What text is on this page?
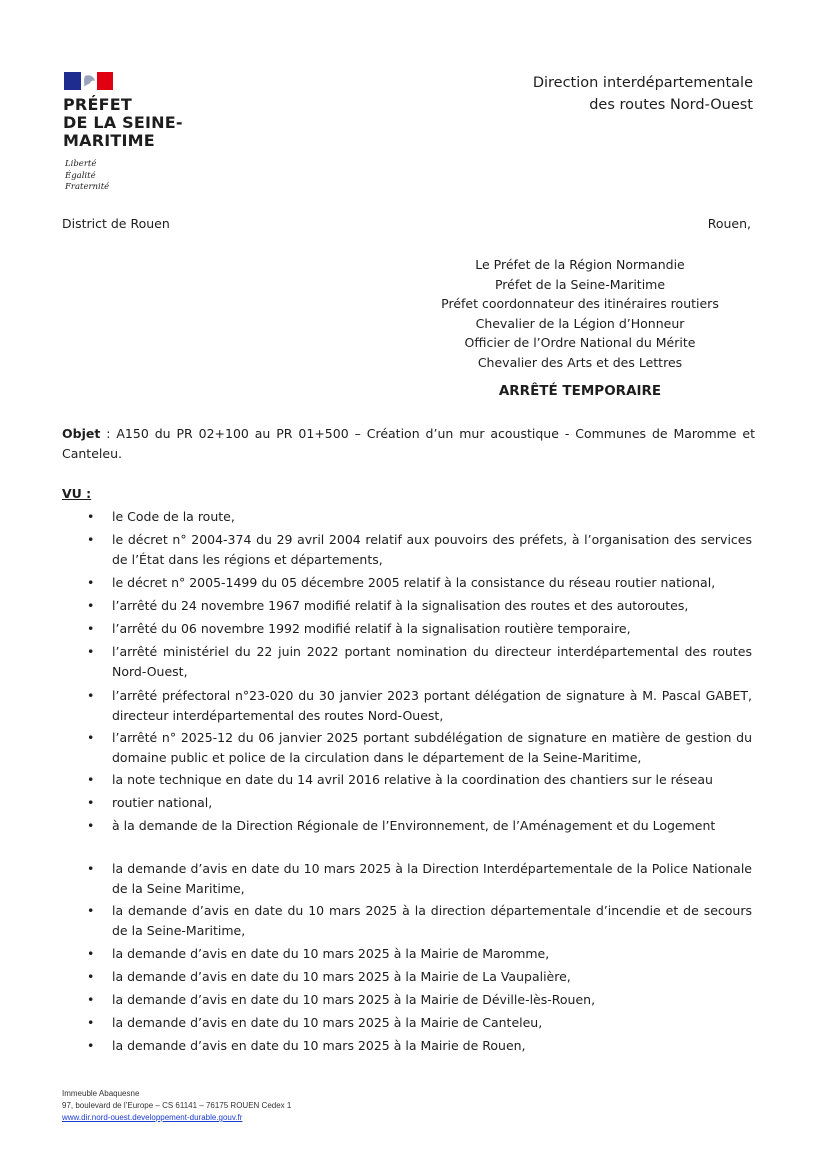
PRÉFET
DE LA SEINE-
MARITIME
Liberté
Égalité
Fraternité
Direction interdépartementale
des routes Nord-Ouest
District de Rouen	Rouen,
Le Préfet de la Région Normandie
Préfet de la Seine-Maritime
Préfet coordonnateur des itinéraires routiers
Chevalier de la Légion d’Honneur
Officier de l’Ordre National du Mérite
Chevalier des Arts et des Lettres
ARRÊTÉ TEMPORAIRE
Objet : A150 du PR 02+100 au PR 01+500 – Création d’un mur acoustique - Communes de Maromme et Canteleu.
VU :
• le Code de la route,
• le décret n° 2004-374 du 29 avril 2004 relatif aux pouvoirs des préfets, à l’organisation des services de l’État dans les régions et départements,
• le décret n° 2005-1499 du 05 décembre 2005 relatif à la consistance du réseau routier national,
• l’arrêté du 24 novembre 1967 modifié relatif à la signalisation des routes et des autoroutes,
• l’arrêté du 06 novembre 1992 modifié relatif à la signalisation routière temporaire,
• l’arrêté ministériel du 22 juin 2022 portant nomination du directeur interdépartemental des routes Nord-Ouest,
• l’arrêté préfectoral n°23-020 du 30 janvier 2023 portant délégation de signature à M. Pascal GABET, directeur interdépartemental des routes Nord-Ouest,
• l’arrêté n° 2025-12 du 06 janvier 2025 portant subdélégation de signature en matière de gestion du domaine public et police de la circulation dans le département de la Seine-Maritime,
• la note technique en date du 14 avril 2016 relative à la coordination des chantiers sur le réseau
• routier national,
• à la demande de la Direction Régionale de l’Environnement, de l’Aménagement et du Logement
• la demande d’avis en date du 10 mars 2025 à la Direction Interdépartementale de la Police Nationale de la Seine Maritime,
• la demande d’avis en date du 10 mars 2025 à la direction départementale d’incendie et de secours de la Seine-Maritime,
• la demande d’avis en date du 10 mars 2025 à la Mairie de Maromme,
• la demande d’avis en date du 10 mars 2025 à la Mairie de La Vaupalière,
• la demande d’avis en date du 10 mars 2025 à la Mairie de Déville-lès-Rouen,
• la demande d’avis en date du 10 mars 2025 à la Mairie de Canteleu,
• la demande d’avis en date du 10 mars 2025 à la Mairie de Rouen,
Immeuble Abaquesne
97, boulevard de l’Europe – CS 61141 – 76175 ROUEN Cedex 1
www.dir.nord-ouest.developpement-durable.gouv.fr
